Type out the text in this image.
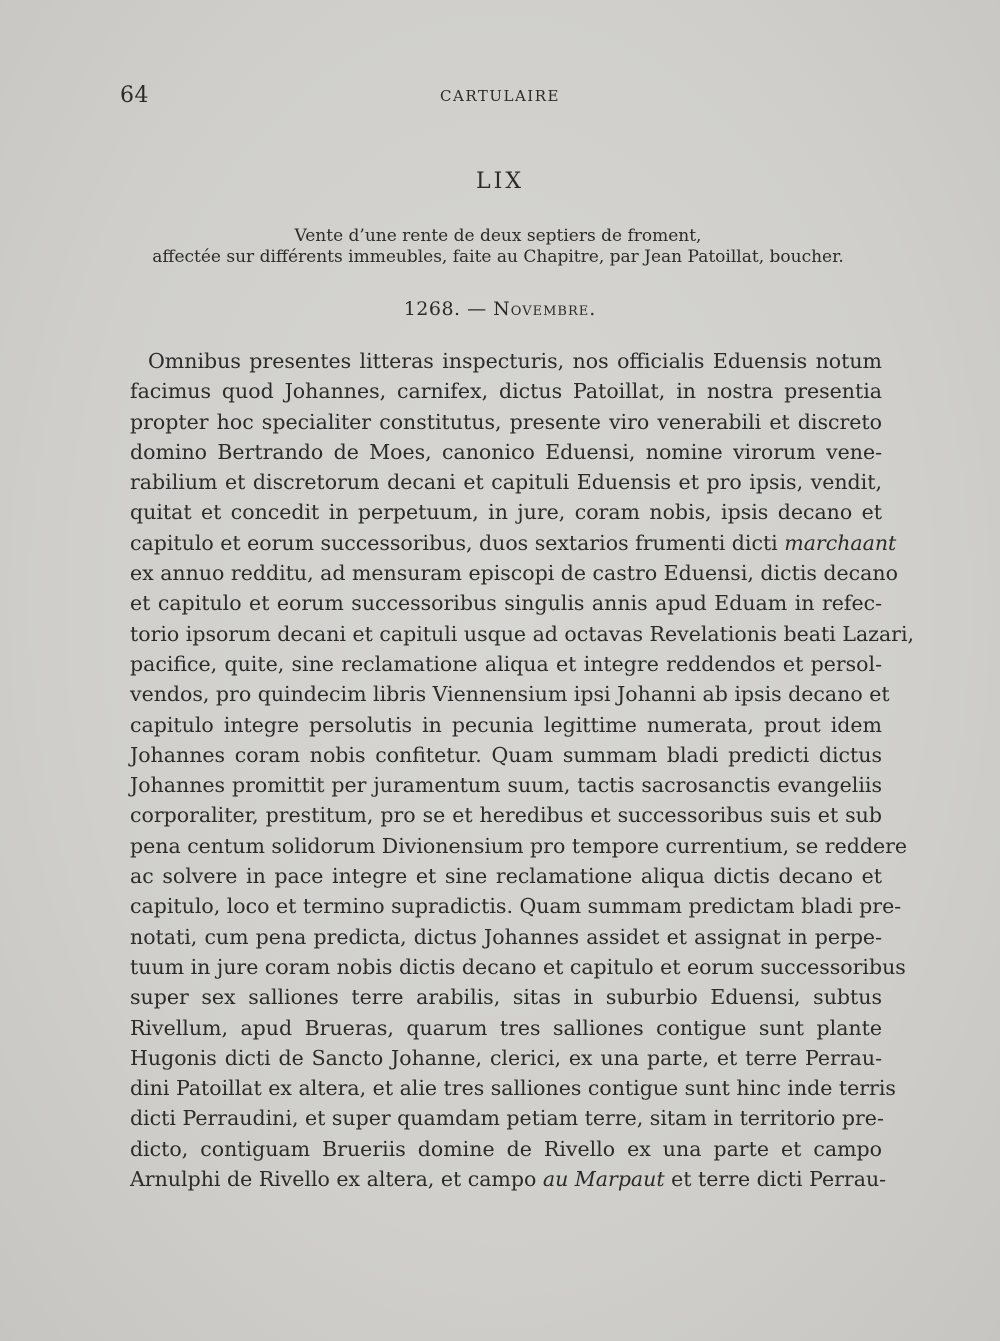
64	CARTULAIRE
LIX
Vente d’une rente de deux septiers de froment,
affectée sur différents immeubles, faite au Chapitre, par Jean Patoillat, boucher.
1268. — Novembre.
Omnibus presentes litteras inspecturis, nos officialis Eduensis notum
facimus quod Johannes, carnifex, dictus Patoillat, in nostra presentia
propter hoc specialiter constitutus, presente viro venerabili et discreto
domino Bertrando de Moes, canonico Eduensi, nomine virorum vene-
rabilium et discretorum decani et capituli Eduensis et pro ipsis, vendit,
quitat et concedit in perpetuum, in jure, coram nobis, ipsis decano et
capitulo et eorum successoribus, duos sextarios frumenti dicti marchaant
ex annuo redditu, ad mensuram episcopi de castro Eduensi, dictis decano
et capitulo et eorum successoribus singulis annis apud Eduam in refec-
torio ipsorum decani et capituli usque ad octavas Revelationis beati Lazari,
pacifice, quite, sine reclamatione aliqua et integre reddendos et persol-
vendos, pro quindecim libris Viennensium ipsi Johanni ab ipsis decano et
capitulo integre persolutis in pecunia legittime numerata, prout idem
Johannes coram nobis confitetur. Quam summam bladi predicti dictus
Johannes promittit per juramentum suum, tactis sacrosanctis evangeliis
corporaliter, prestitum, pro se et heredibus et successoribus suis et sub
pena centum solidorum Divionensium pro tempore currentium, se reddere
ac solvere in pace integre et sine reclamatione aliqua dictis decano et
capitulo, loco et termino supradictis. Quam summam predictam bladi pre-
notati, cum pena predicta, dictus Johannes assidet et assignat in perpe-
tuum in jure coram nobis dictis decano et capitulo et eorum successoribus
super sex salliones terre arabilis, sitas in suburbio Eduensi, subtus
Rivellum, apud Brueras, quarum tres salliones contigue sunt plante
Hugonis dicti de Sancto Johanne, clerici, ex una parte, et terre Perrau-
dini Patoillat ex altera, et alie tres salliones contigue sunt hinc inde terris
dicti Perraudini, et super quamdam petiam terre, sitam in territorio pre-
dicto, contiguam Brueriis domine de Rivello ex una parte et campo
Arnulphi de Rivello ex altera, et campo au Marpaut et terre dicti Perrau-
